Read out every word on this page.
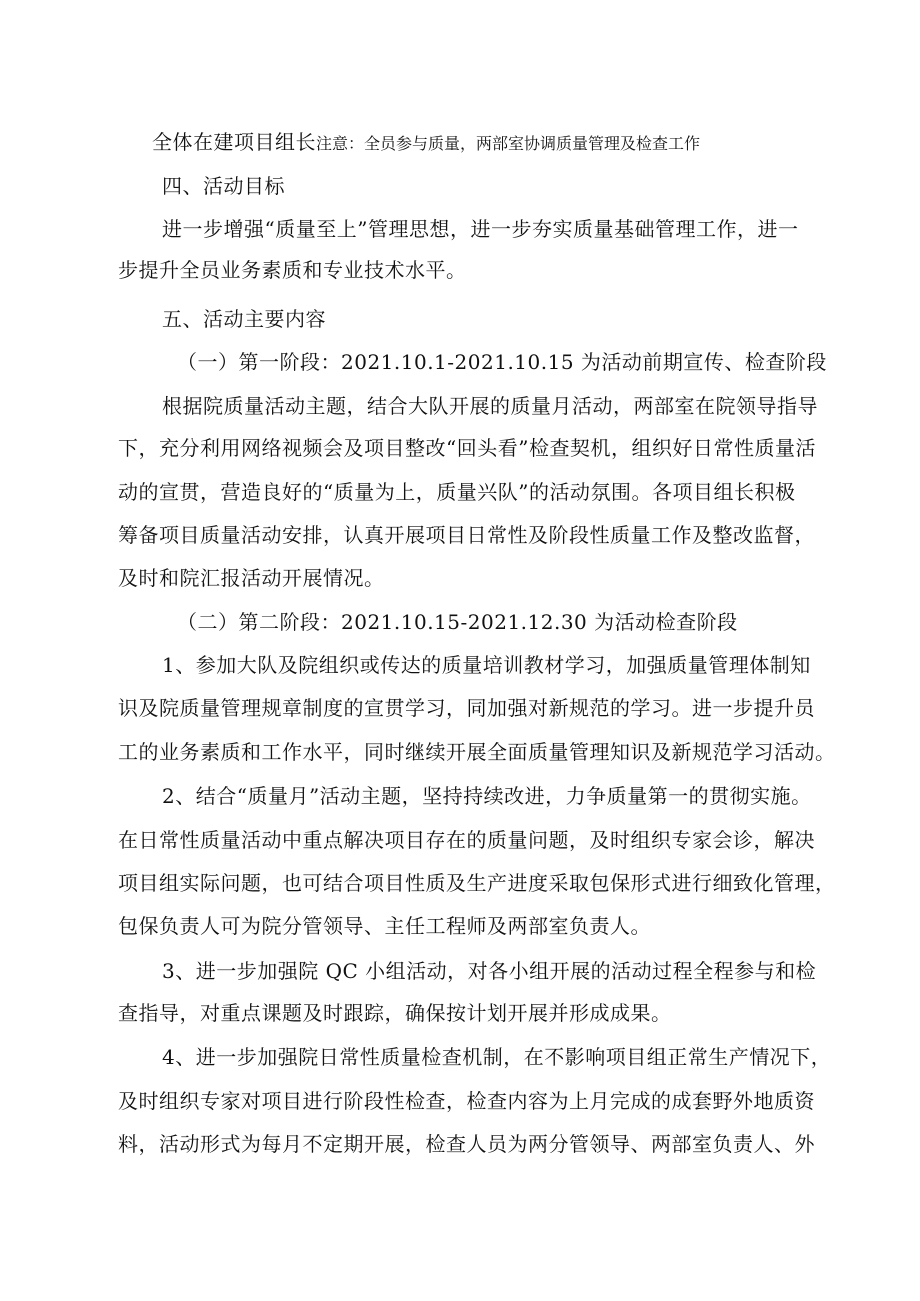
全体在建项目组长注意：全员参与质量，两部室协调质量管理及检查工作

四、活动目标

进一步增强“质量至上”管理思想，进一步夯实质量基础管理工作，进一

步提升全员业务素质和专业技术水平。

五、活动主要内容

（一）第一阶段：2021.10.1-2021.10.15 为活动前期宣传、检查阶段

根据院质量活动主题，结合大队开展的质量月活动，两部室在院领导指导

下，充分利用网络视频会及项目整改“回头看”检查契机，组织好日常性质量活

动的宣贯，营造良好的“质量为上，质量兴队”的活动氛围。各项目组长积极

筹备项目质量活动安排，认真开展项目日常性及阶段性质量工作及整改监督，

及时和院汇报活动开展情况。

（二）第二阶段：2021.10.15-2021.12.30 为活动检查阶段

1、参加大队及院组织或传达的质量培训教材学习，加强质量管理体制知

识及院质量管理规章制度的宣贯学习，同加强对新规范的学习。进一步提升员

工的业务素质和工作水平，同时继续开展全面质量管理知识及新规范学习活动。

2、结合“质量月”活动主题，坚持持续改进，力争质量第一的贯彻实施。

在日常性质量活动中重点解决项目存在的质量问题，及时组织专家会诊，解决

项目组实际问题，也可结合项目性质及生产进度采取包保形式进行细致化管理，

包保负责人可为院分管领导、主任工程师及两部室负责人。

3、进一步加强院 QC 小组活动，对各小组开展的活动过程全程参与和检

查指导，对重点课题及时跟踪，确保按计划开展并形成成果。

4、进一步加强院日常性质量检查机制，在不影响项目组正常生产情况下，

及时组织专家对项目进行阶段性检查，检查内容为上月完成的成套野外地质资

料，活动形式为每月不定期开展，检查人员为两分管领导、两部室负责人、外
